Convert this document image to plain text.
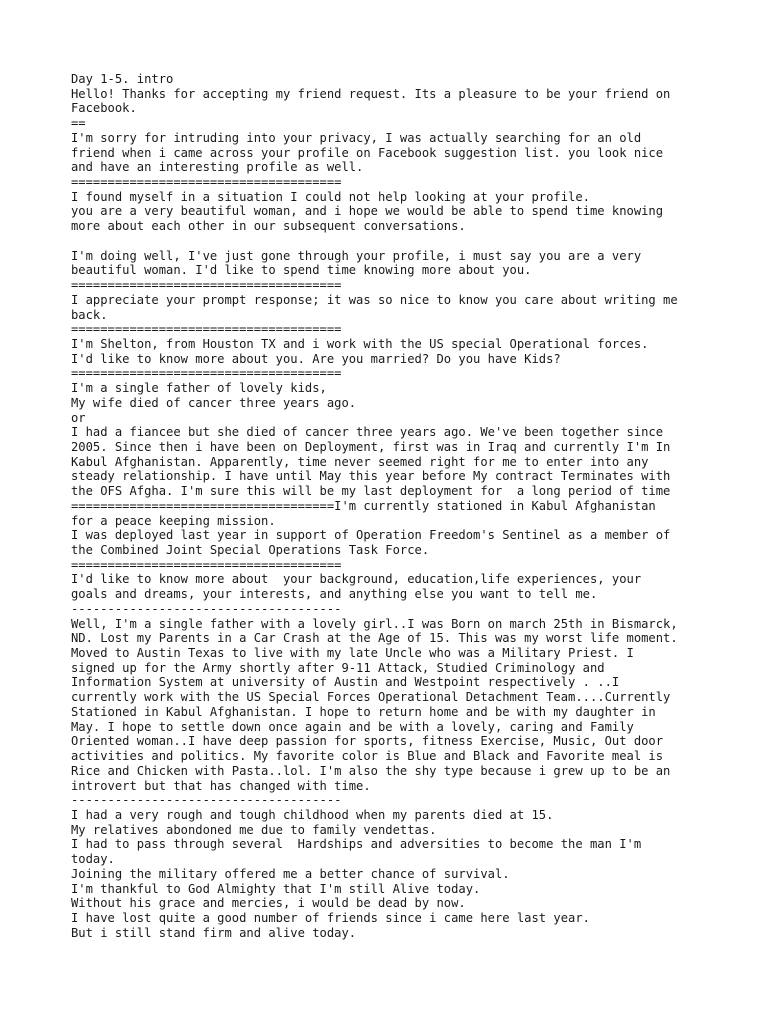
Day 1-5. intro
Hello! Thanks for accepting my friend request. Its a pleasure to be your friend on
Facebook.
==
I'm sorry for intruding into your privacy, I was actually searching for an old
friend when i came across your profile on Facebook suggestion list. you look nice
and have an interesting profile as well.
=====================================
I found myself in a situation I could not help looking at your profile.
you are a very beautiful woman, and i hope we would be able to spend time knowing
more about each other in our subsequent conversations.
I'm doing well, I've just gone through your profile, i must say you are a very
beautiful woman. I'd like to spend time knowing more about you.
=====================================
I appreciate your prompt response; it was so nice to know you care about writing me
back.
=====================================
I'm Shelton, from Houston TX and i work with the US special Operational forces.
I'd like to know more about you. Are you married? Do you have Kids?
=====================================
I'm a single father of lovely kids,
My wife died of cancer three years ago.
or
I had a fiancee but she died of cancer three years ago. We've been together since
2005. Since then i have been on Deployment, first was in Iraq and currently I'm In
Kabul Afghanistan. Apparently, time never seemed right for me to enter into any
steady relationship. I have until May this year before My contract Terminates with
the OFS Afgha. I'm sure this will be my last deployment for  a long period of time
====================================I'm currently stationed in Kabul Afghanistan
for a peace keeping mission.
I was deployed last year in support of Operation Freedom's Sentinel as a member of
the Combined Joint Special Operations Task Force.
=====================================
I'd like to know more about  your background, education,life experiences, your
goals and dreams, your interests, and anything else you want to tell me.
-------------------------------------
Well, I'm a single father with a lovely girl..I was Born on march 25th in Bismarck,
ND. Lost my Parents in a Car Crash at the Age of 15. This was my worst life moment.
Moved to Austin Texas to live with my late Uncle who was a Military Priest. I
signed up for the Army shortly after 9-11 Attack, Studied Criminology and
Information System at university of Austin and Westpoint respectively . ..I
currently work with the US Special Forces Operational Detachment Team....Currently
Stationed in Kabul Afghanistan. I hope to return home and be with my daughter in
May. I hope to settle down once again and be with a lovely, caring and Family
Oriented woman..I have deep passion for sports, fitness Exercise, Music, Out door
activities and politics. My favorite color is Blue and Black and Favorite meal is
Rice and Chicken with Pasta..lol. I'm also the shy type because i grew up to be an
introvert but that has changed with time.
-------------------------------------
I had a very rough and tough childhood when my parents died at 15.
My relatives abondoned me due to family vendettas.
I had to pass through several  Hardships and adversities to become the man I'm
today.
Joining the military offered me a better chance of survival.
I'm thankful to God Almighty that I'm still Alive today.
Without his grace and mercies, i would be dead by now.
I have lost quite a good number of friends since i came here last year.
But i still stand firm and alive today.
